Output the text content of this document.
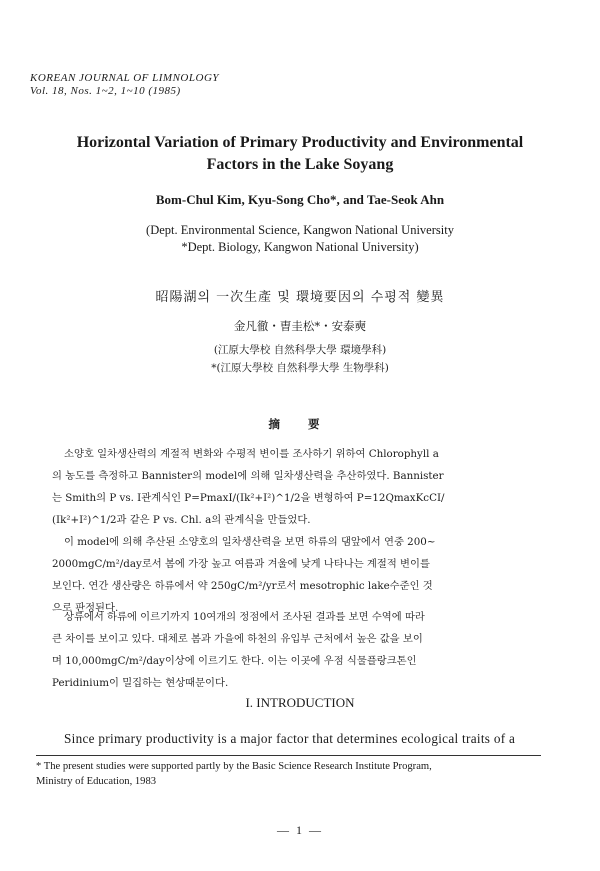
KOREAN JOURNAL OF LIMNOLOGY
Vol. 18, Nos. 1~2, 1~10 (1985)
Horizontal Variation of Primary Productivity and Environmental
Factors in the Lake Soyang
Bom-Chul Kim, Kyu-Song Cho*, and Tae-Seok Ahn
(Dept. Environmental Science, Kangwon National University
*Dept. Biology, Kangwon National University)
昭陽湖의 一次生產 및 環境要因의 수평적 變異
金凡徹・曺圭松*・安泰奭
(江原大學校 自然科學大學 環境學科)
*(江原大學校 自然科學大學 生物學科)
摘 要
소양호 일차생산력의 계절적 변화와 수평적 변이를 조사하기 위하여 Chlorophyll a
의 농도를 측정하고 Bannister의 model에 의해 일차생산력을 추산하였다. Bannister
는 Smith의 P vs. I관계식인 P=PmaxI/(Ik²+I²)^1/2을 변형하여 P=12QmaxKcCI/
(Ik²+I²)^1/2과 같은 P vs. Chl. a의 관계식을 만들었다.
이 model에 의해 추산된 소양호의 일차생산력을 보면 하류의 댐앞에서 연중 200~
2000mgC/m²/day로서 봄에 가장 높고 여름과 겨울에 낮게 나타나는 계절적 변이를
보인다. 연간 생산량은 하류에서 약 250gC/m²/yr로서 mesotrophic lake수준인 것
으로 판정된다.
상류에서 하류에 이르기까지 10여개의 정점에서 조사된 결과를 보면 수역에 따라
큰 차이를 보이고 있다. 대체로 봄과 가을에 하천의 유입부 근처에서 높은 값을 보이
며 10,000mgC/m²/day이상에 이르기도 한다. 이는 이곳에 우점 식물플랑크톤인
I. INTRODUCTION
Since primary productivity is a major factor that determines ecological traits of a
* The present studies were supported partly by the Basic Science Research Institute Program,
Ministry of Education, 1983
— 1 —
Peridinium이 밀집하는 현상때문이다.
